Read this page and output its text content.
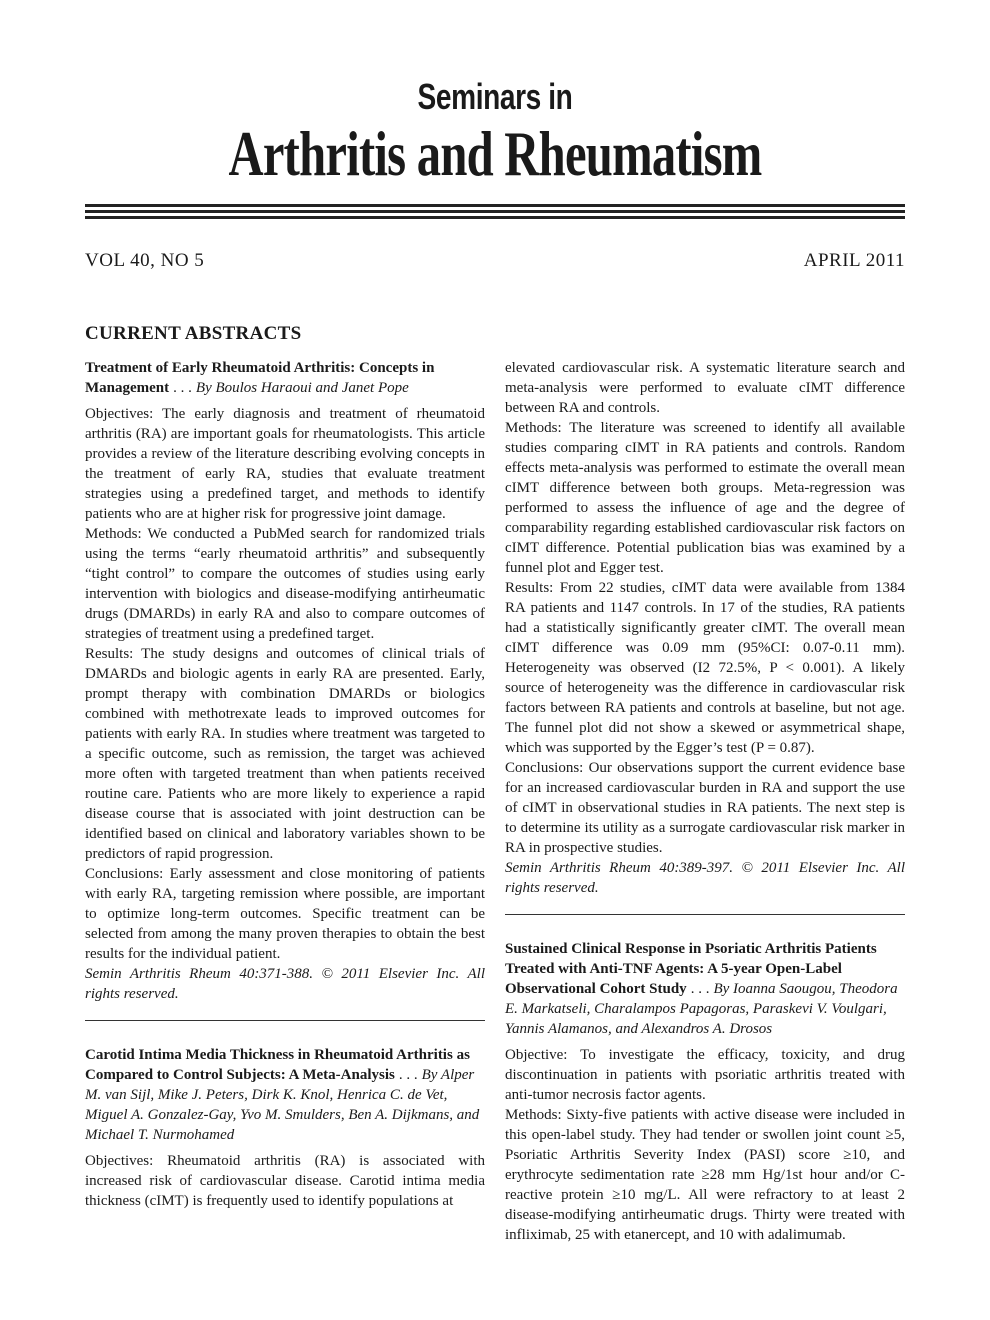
Seminars in
Arthritis and Rheumatism
VOL 40, NO 5	APRIL 2011
CURRENT ABSTRACTS

Treatment of Early Rheumatoid Arthritis: Concepts in Management . . . By Boulos Haraoui and Janet Pope

Objectives: The early diagnosis and treatment of rheumatoid arthritis (RA) are important goals for rheumatologists. This article provides a review of the literature describing evolving concepts in the treatment of early RA, studies that evaluate treatment strategies using a predefined target, and methods to identify patients who are at higher risk for progressive joint damage.

Methods: We conducted a PubMed search for randomized trials using the terms “early rheumatoid arthritis” and subsequently “tight control” to compare the outcomes of studies using early intervention with biologics and disease-modifying antirheumatic drugs (DMARDs) in early RA and also to compare outcomes of strategies of treatment using a predefined target.

Results: The study designs and outcomes of clinical trials of DMARDs and biologic agents in early RA are presented. Early, prompt therapy with combination DMARDs or biologics combined with methotrexate leads to improved outcomes for patients with early RA. In studies where treatment was targeted to a specific outcome, such as remission, the target was achieved more often with targeted treatment than when patients received routine care. Patients who are more likely to experience a rapid disease course that is associated with joint destruction can be identified based on clinical and laboratory variables shown to be predictors of rapid progression.

Conclusions: Early assessment and close monitoring of patients with early RA, targeting remission where possible, are important to optimize long-term outcomes. Specific treatment can be selected from among the many proven therapies to obtain the best results for the individual patient.

Semin Arthritis Rheum 40:371-388. © 2011 Elsevier Inc. All rights reserved.

Carotid Intima Media Thickness in Rheumatoid Arthritis as Compared to Control Subjects: A Meta-Analysis . . . By Alper M. van Sijl, Mike J. Peters, Dirk K. Knol, Henrica C. de Vet, Miguel A. Gonzalez-Gay, Yvo M. Smulders, Ben A. Dijkmans, and Michael T. Nurmohamed

Objectives: Rheumatoid arthritis (RA) is associated with increased risk of cardiovascular disease. Carotid intima media thickness (cIMT) is frequently used to identify populations at

elevated cardiovascular risk. A systematic literature search and meta-analysis were performed to evaluate cIMT difference between RA and controls.

Methods: The literature was screened to identify all available studies comparing cIMT in RA patients and controls. Random effects meta-analysis was performed to estimate the overall mean cIMT difference between both groups. Meta-regression was performed to assess the influence of age and the degree of comparability regarding established cardiovascular risk factors on cIMT difference. Potential publication bias was examined by a funnel plot and Egger test.

Results: From 22 studies, cIMT data were available from 1384 RA patients and 1147 controls. In 17 of the studies, RA patients had a statistically significantly greater cIMT. The overall mean cIMT difference was 0.09 mm (95%CI: 0.07-0.11 mm). Heterogeneity was observed (I2 72.5%, P < 0.001). A likely source of heterogeneity was the difference in cardiovascular risk factors between RA patients and controls at baseline, but not age. The funnel plot did not show a skewed or asymmetrical shape, which was supported by the Egger’s test (P = 0.87).

Conclusions: Our observations support the current evidence base for an increased cardiovascular burden in RA and support the use of cIMT in observational studies in RA patients. The next step is to determine its utility as a surrogate cardiovascular risk marker in RA in prospective studies.

Semin Arthritis Rheum 40:389-397. © 2011 Elsevier Inc. All rights reserved.

Sustained Clinical Response in Psoriatic Arthritis Patients Treated with Anti-TNF Agents: A 5-year Open-Label Observational Cohort Study . . . By Ioanna Saougou, Theodora E. Markatseli, Charalampos Papagoras, Paraskevi V. Voulgari, Yannis Alamanos, and Alexandros A. Drosos

Objective: To investigate the efficacy, toxicity, and drug discontinuation in patients with psoriatic arthritis treated with anti-tumor necrosis factor agents.

Methods: Sixty-five patients with active disease were included in this open-label study. They had tender or swollen joint count ≥5, Psoriatic Arthritis Severity Index (PASI) score ≥10, and erythrocyte sedimentation rate ≥28 mm Hg/1st hour and/or C-reactive protein ≥10 mg/L. All were refractory to at least 2 disease-modifying antirheumatic drugs. Thirty were treated with infliximab, 25 with etanercept, and 10 with adalimumab.
